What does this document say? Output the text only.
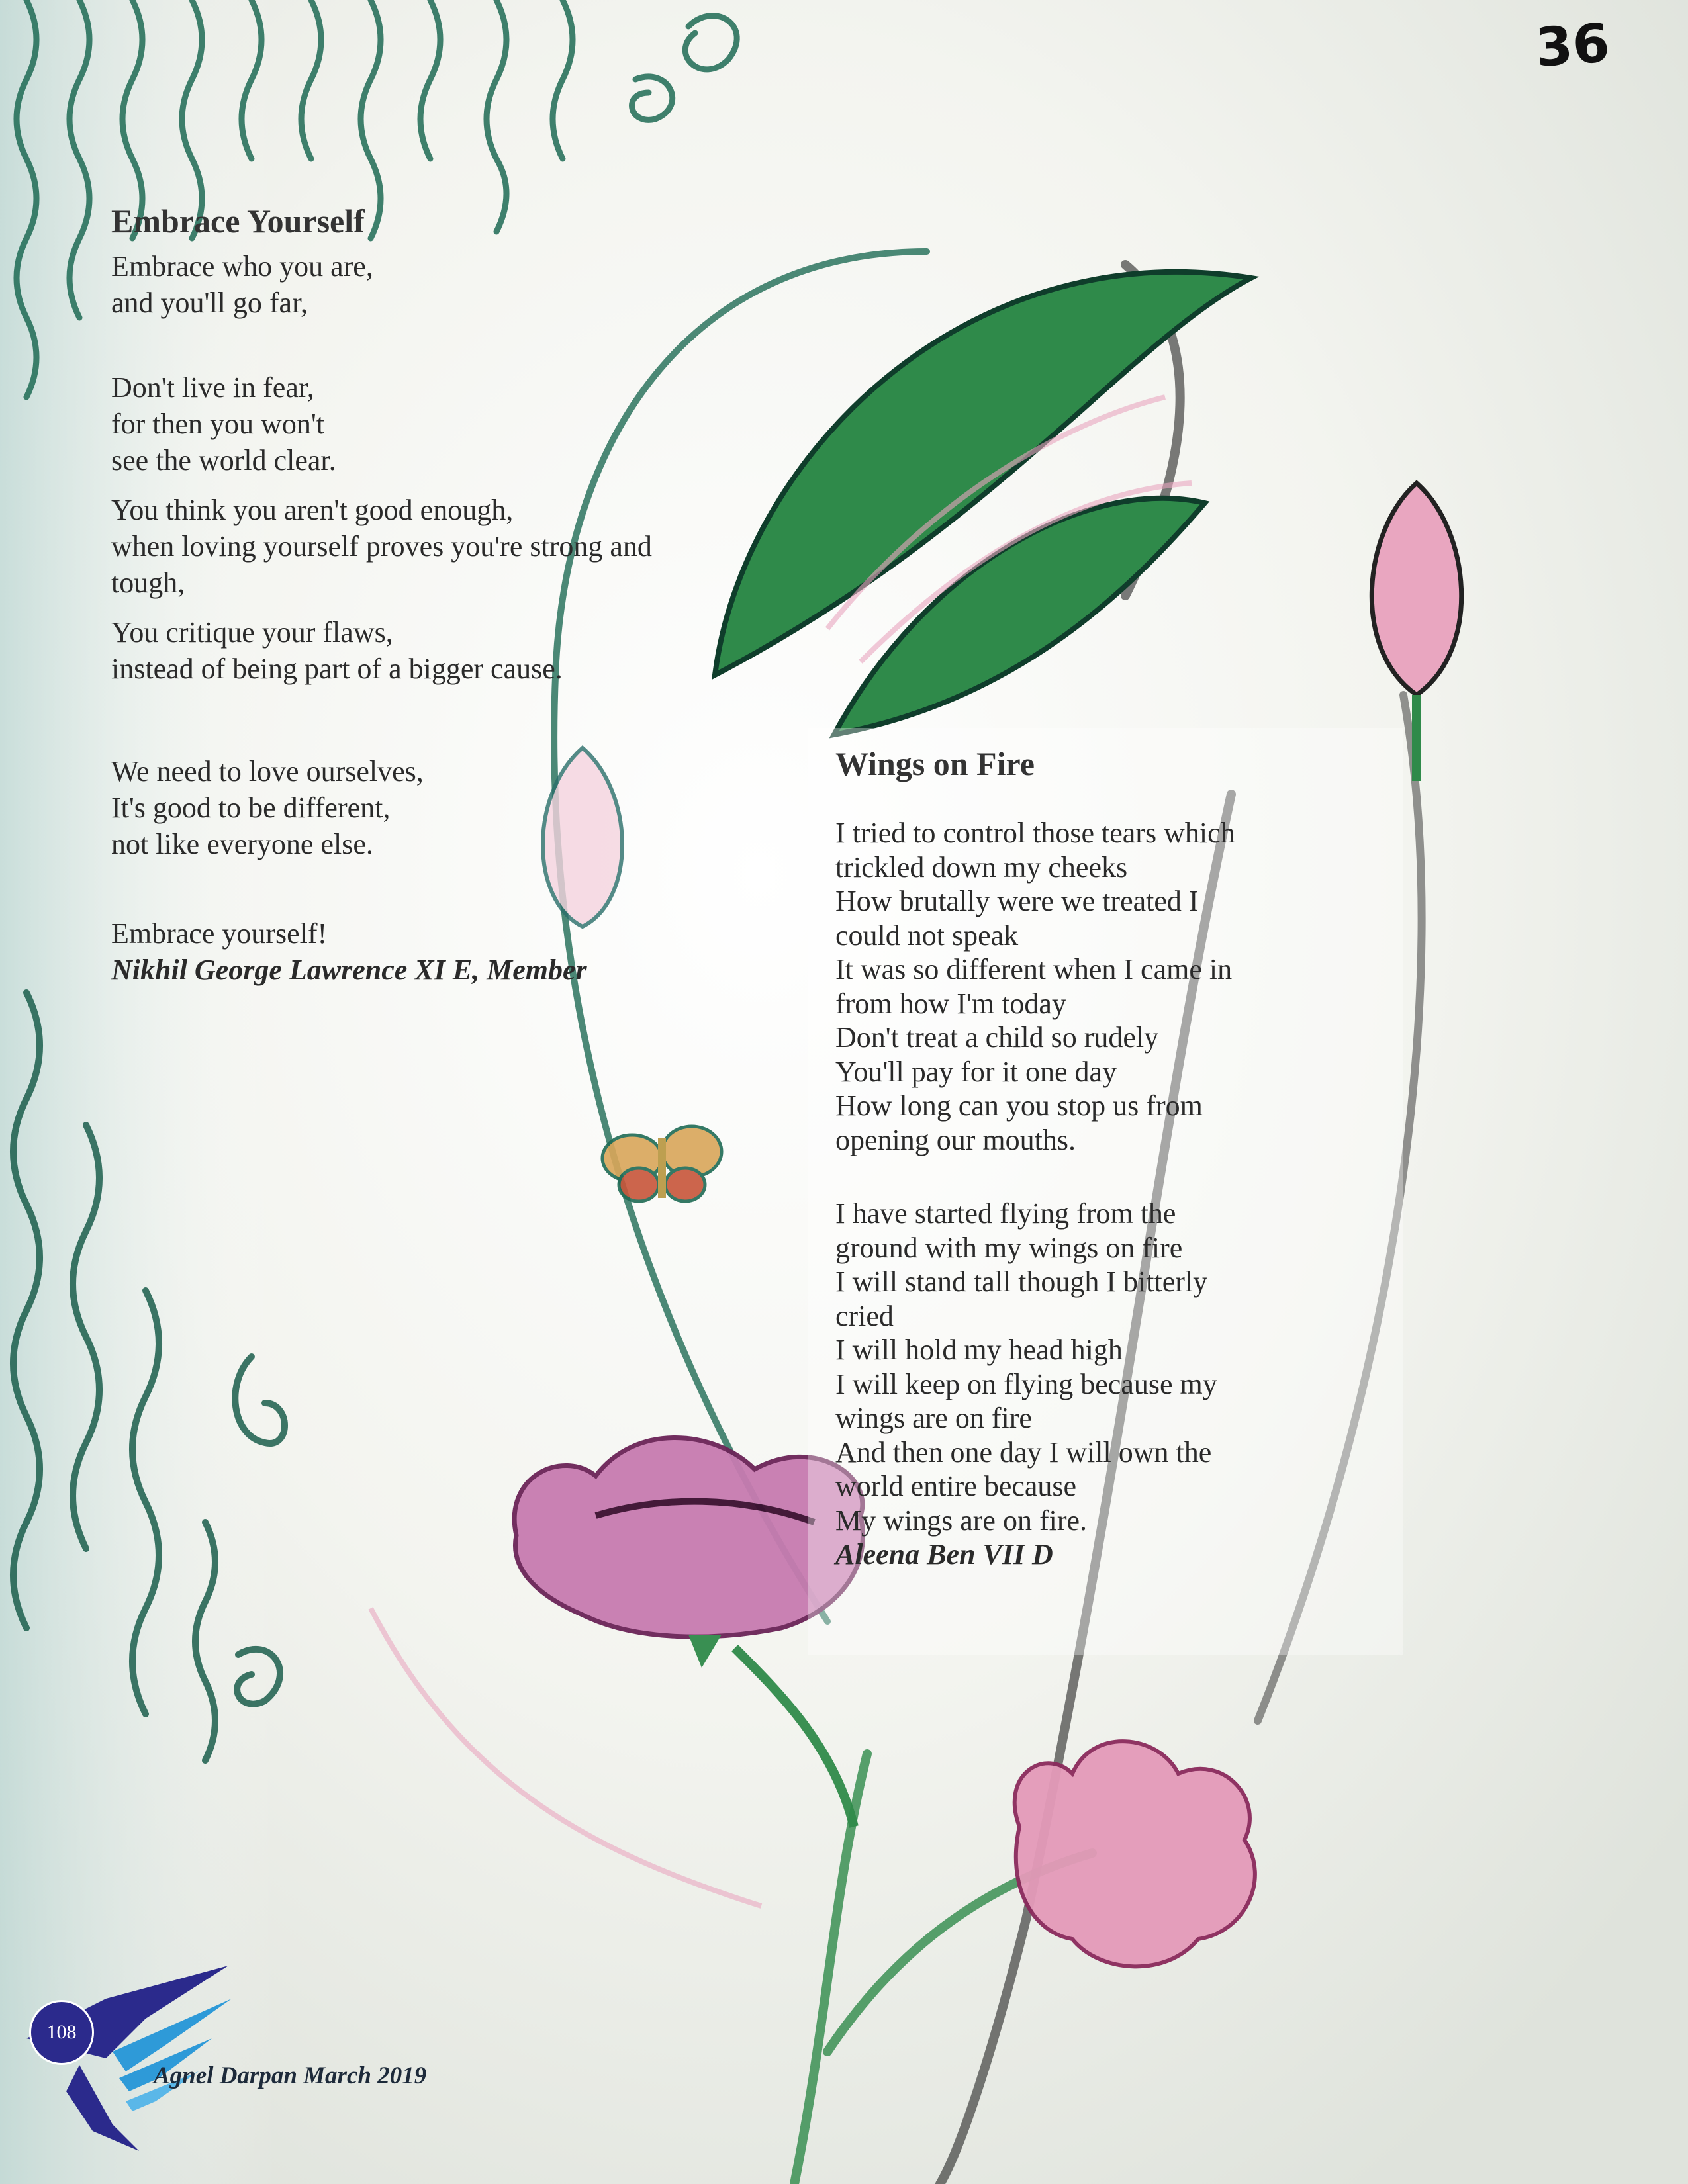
36
Embrace Yourself

Embrace who you are,
and you'll go far,

Don't live in fear,
for then you won't
see the world clear.

You think you aren't good enough,
when loving yourself proves you're strong and
tough,

You critique your flaws,
instead of being part of a bigger cause.

We need to love ourselves,
It's good to be different,
not like everyone else.

Embrace yourself!
Nikhil George Lawrence XI E, Member

Wings on Fire

I tried to control those tears which
trickled down my cheeks
How brutally were we treated I
could not speak
It was so different when I came in
from how I'm today
Don't treat a child so rudely
You'll pay for it one day
How long can you stop us from
opening our mouths.

I have started flying from the
ground with my wings on fire
I will stand tall though I bitterly
cried
I will hold my head high
I will keep on flying because my
wings are on fire
And then one day I will own the
world entire because
My wings are on fire.
Aleena Ben VII D

108
Agnel Darpan March 2019
